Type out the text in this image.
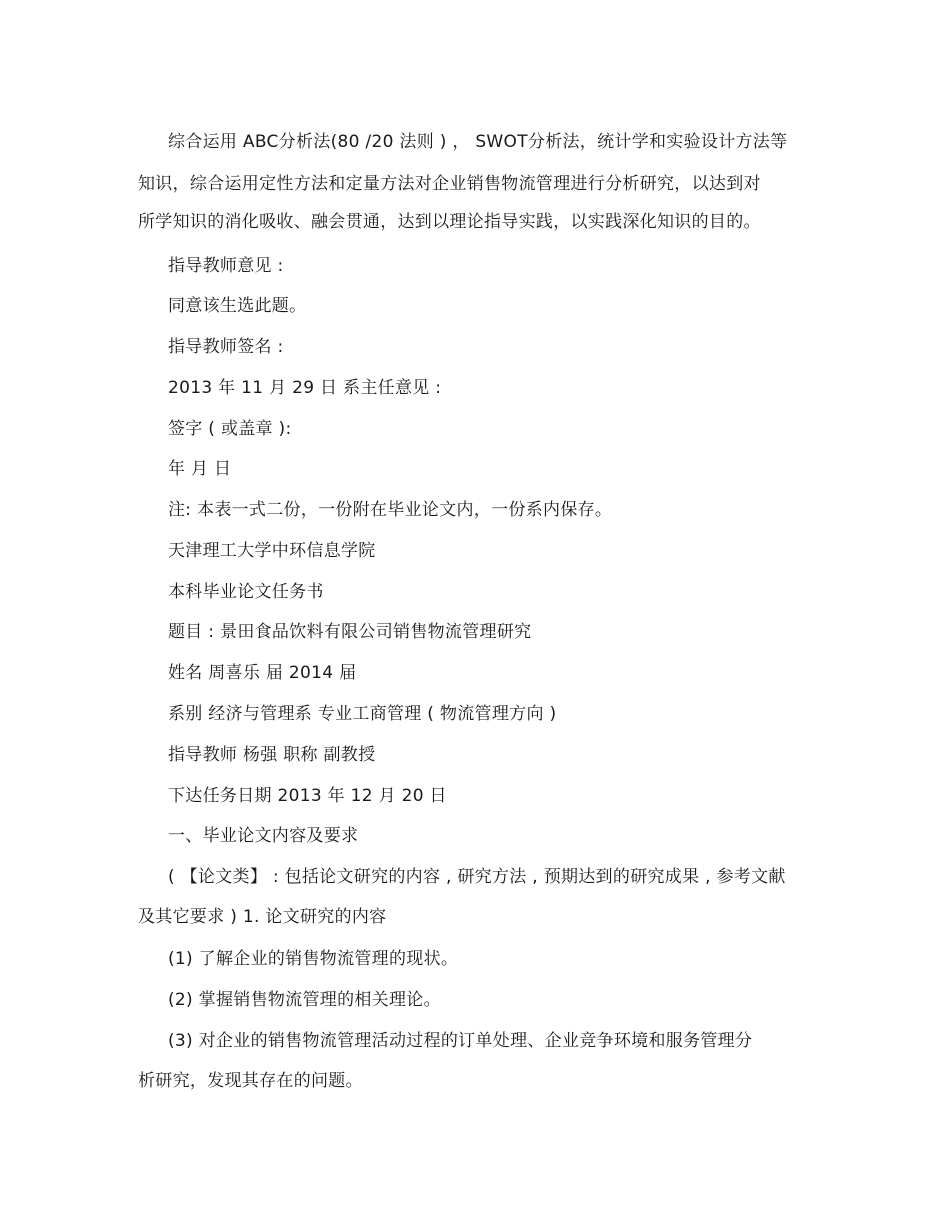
综合运用 ABC分析法(80 /20 法则 ) ， SWOT分析法，统计学和实验设计方法等
知识，综合运用定性方法和定量方法对企业销售物流管理进行分析研究，以达到对
所学知识的消化吸收、融会贯通，达到以理论指导实践，以实践深化知识的目的。
指导教师意见 :
同意该生选此题。
指导教师签名 :
2013 年 11 月 29 日 系主任意见 :
签字 ( 或盖章 ):
年 月 日
注: 本表一式二份，一份附在毕业论文内，一份系内保存。
天津理工大学中环信息学院
本科毕业论文任务书
题目 : 景田食品饮料有限公司销售物流管理研究
姓名 周喜乐 届 2014 届
系别 经济与管理系 专业工商管理 ( 物流管理方向 )
指导教师 杨强 职称 副教授
下达任务日期 2013 年 12 月 20 日
一、毕业论文内容及要求
( 【论文类】 : 包括论文研究的内容 , 研究方法 , 预期达到的研究成果 , 参考文献
及其它要求 ) 1. 论文研究的内容
(1) 了解企业的销售物流管理的现状。
(2) 掌握销售物流管理的相关理论。
(3) 对企业的销售物流管理活动过程的订单处理、企业竞争环境和服务管理分
析研究，发现其存在的问题。
